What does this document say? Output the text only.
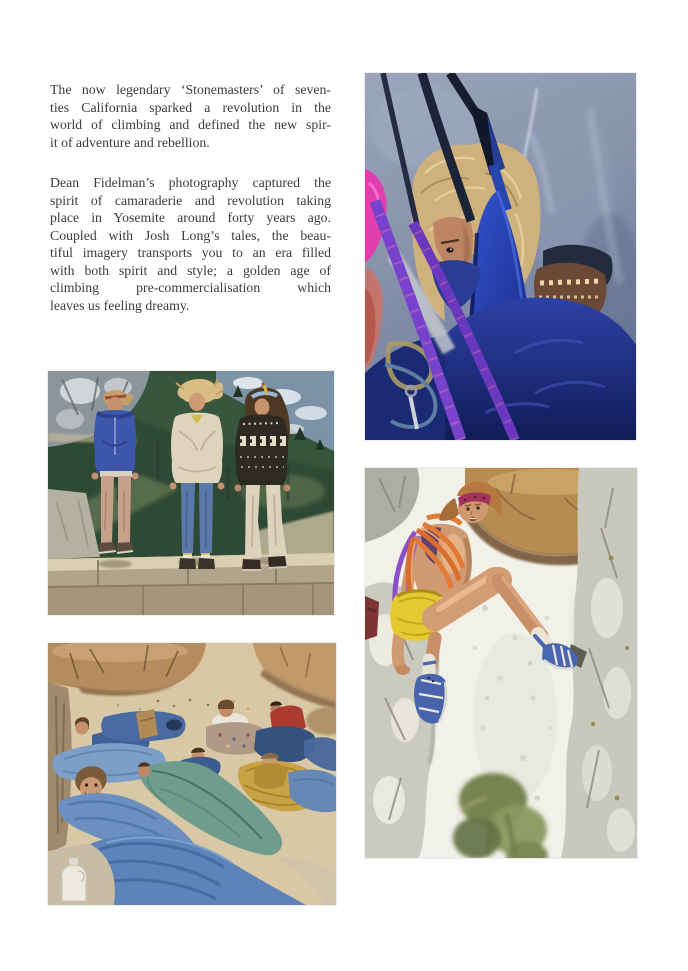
The now legendary ‘Stonemasters’ of seven-
ties California sparked a revolution in the
world of climbing and defined the new spir-
it of adventure and rebellion.
Dean Fidelman’s photography captured the
spirit of camaraderie and revolution taking
place in Yosemite around forty years ago.
Coupled with Josh Long’s tales, the beau-
tiful imagery transports you to an era filled
with both spirit and style; a golden age of
climbing pre-commercialisation which
leaves us feeling dreamy.
